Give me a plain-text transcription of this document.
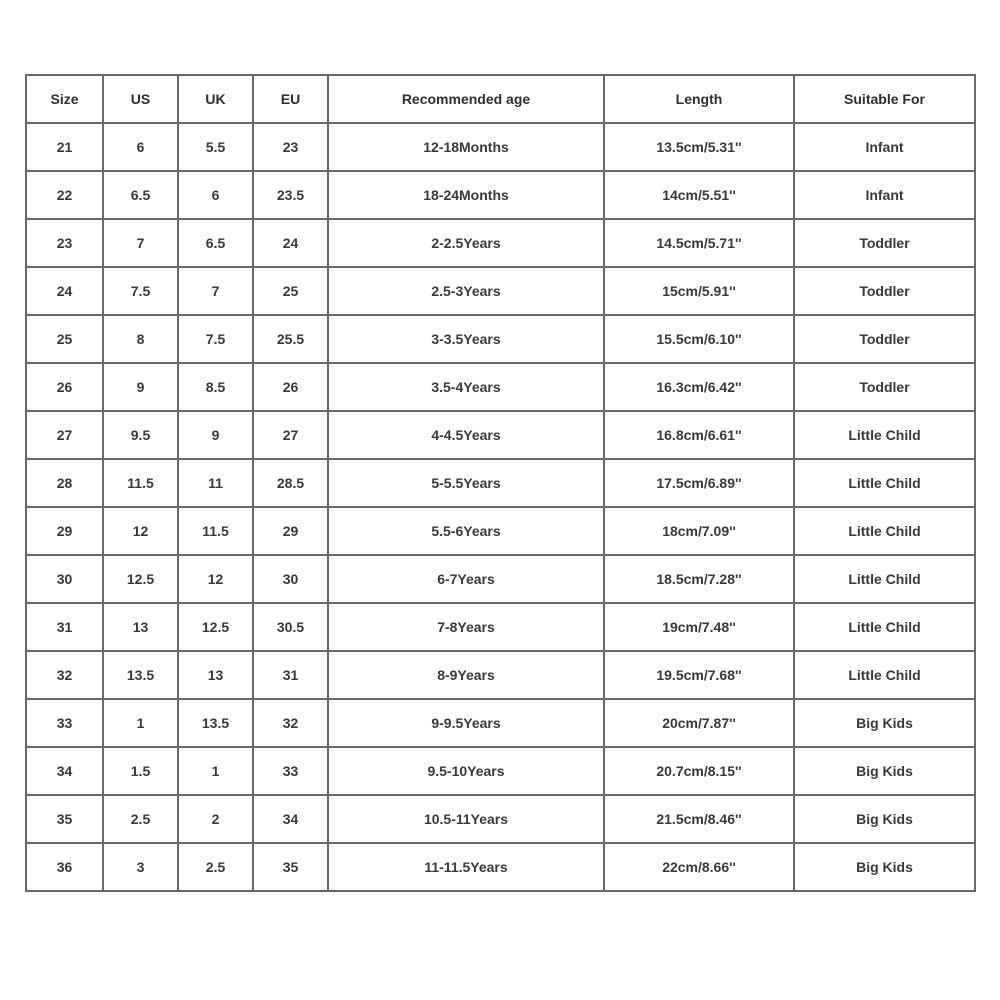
Size	US	UK	EU	Recommended age	Length	Suitable For
21	6	5.5	23	12-18Months	13.5cm/5.31''	Infant
22	6.5	6	23.5	18-24Months	14cm/5.51''	Infant
23	7	6.5	24	2-2.5Years	14.5cm/5.71''	Toddler
24	7.5	7	25	2.5-3Years	15cm/5.91''	Toddler
25	8	7.5	25.5	3-3.5Years	15.5cm/6.10''	Toddler
26	9	8.5	26	3.5-4Years	16.3cm/6.42''	Toddler
27	9.5	9	27	4-4.5Years	16.8cm/6.61''	Little Child
28	11.5	11	28.5	5-5.5Years	17.5cm/6.89''	Little Child
29	12	11.5	29	5.5-6Years	18cm/7.09''	Little Child
30	12.5	12	30	6-7Years	18.5cm/7.28''	Little Child
31	13	12.5	30.5	7-8Years	19cm/7.48''	Little Child
32	13.5	13	31	8-9Years	19.5cm/7.68''	Little Child
33	1	13.5	32	9-9.5Years	20cm/7.87''	Big Kids
34	1.5	1	33	9.5-10Years	20.7cm/8.15''	Big Kids
35	2.5	2	34	10.5-11Years	21.5cm/8.46''	Big Kids
36	3	2.5	35	11-11.5Years	22cm/8.66''	Big Kids
